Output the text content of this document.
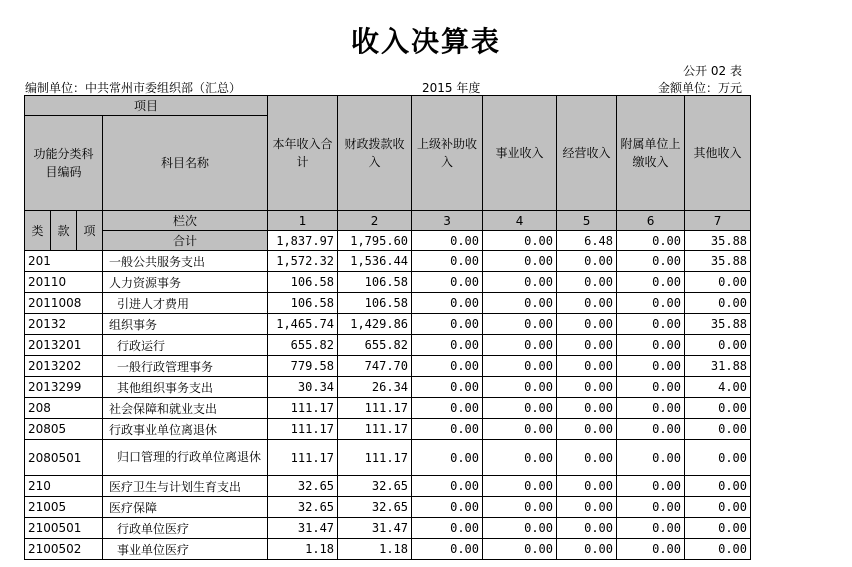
收入决算表
公开 02 表
编制单位：中共常州市委组织部（汇总）	2015 年度	金额单位：万元
项目				本年收入合计	财政拨款收入	上级补助收入	事业收入	经营收入	附属单位上缴收入	其他收入
功能分类科目编码			科目名称							
类	款	项	栏次	1	2	3	4	5	6	7
			合计	1,837.97	1,795.60	0.00	0.00	6.48	0.00	35.88
201			一般公共服务支出	1,572.32	1,536.44	0.00	0.00	0.00	0.00	35.88
20110			人力资源事务	106.58	106.58	0.00	0.00	0.00	0.00	0.00
2011008			引进人才费用	106.58	106.58	0.00	0.00	0.00	0.00	0.00
20132			组织事务	1,465.74	1,429.86	0.00	0.00	0.00	0.00	35.88
2013201			行政运行	655.82	655.82	0.00	0.00	0.00	0.00	0.00
2013202			一般行政管理事务	779.58	747.70	0.00	0.00	0.00	0.00	31.88
2013299			其他组织事务支出	30.34	26.34	0.00	0.00	0.00	0.00	4.00
208			社会保障和就业支出	111.17	111.17	0.00	0.00	0.00	0.00	0.00
20805			行政事业单位离退休	111.17	111.17	0.00	0.00	0.00	0.00	0.00
2080501			归口管理的行政单位离退休	111.17	111.17	0.00	0.00	0.00	0.00	0.00
210			医疗卫生与计划生育支出	32.65	32.65	0.00	0.00	0.00	0.00	0.00
21005			医疗保障	32.65	32.65	0.00	0.00	0.00	0.00	0.00
2100501			行政单位医疗	31.47	31.47	0.00	0.00	0.00	0.00	0.00
2100502			事业单位医疗	1.18	1.18	0.00	0.00	0.00	0.00	0.00
